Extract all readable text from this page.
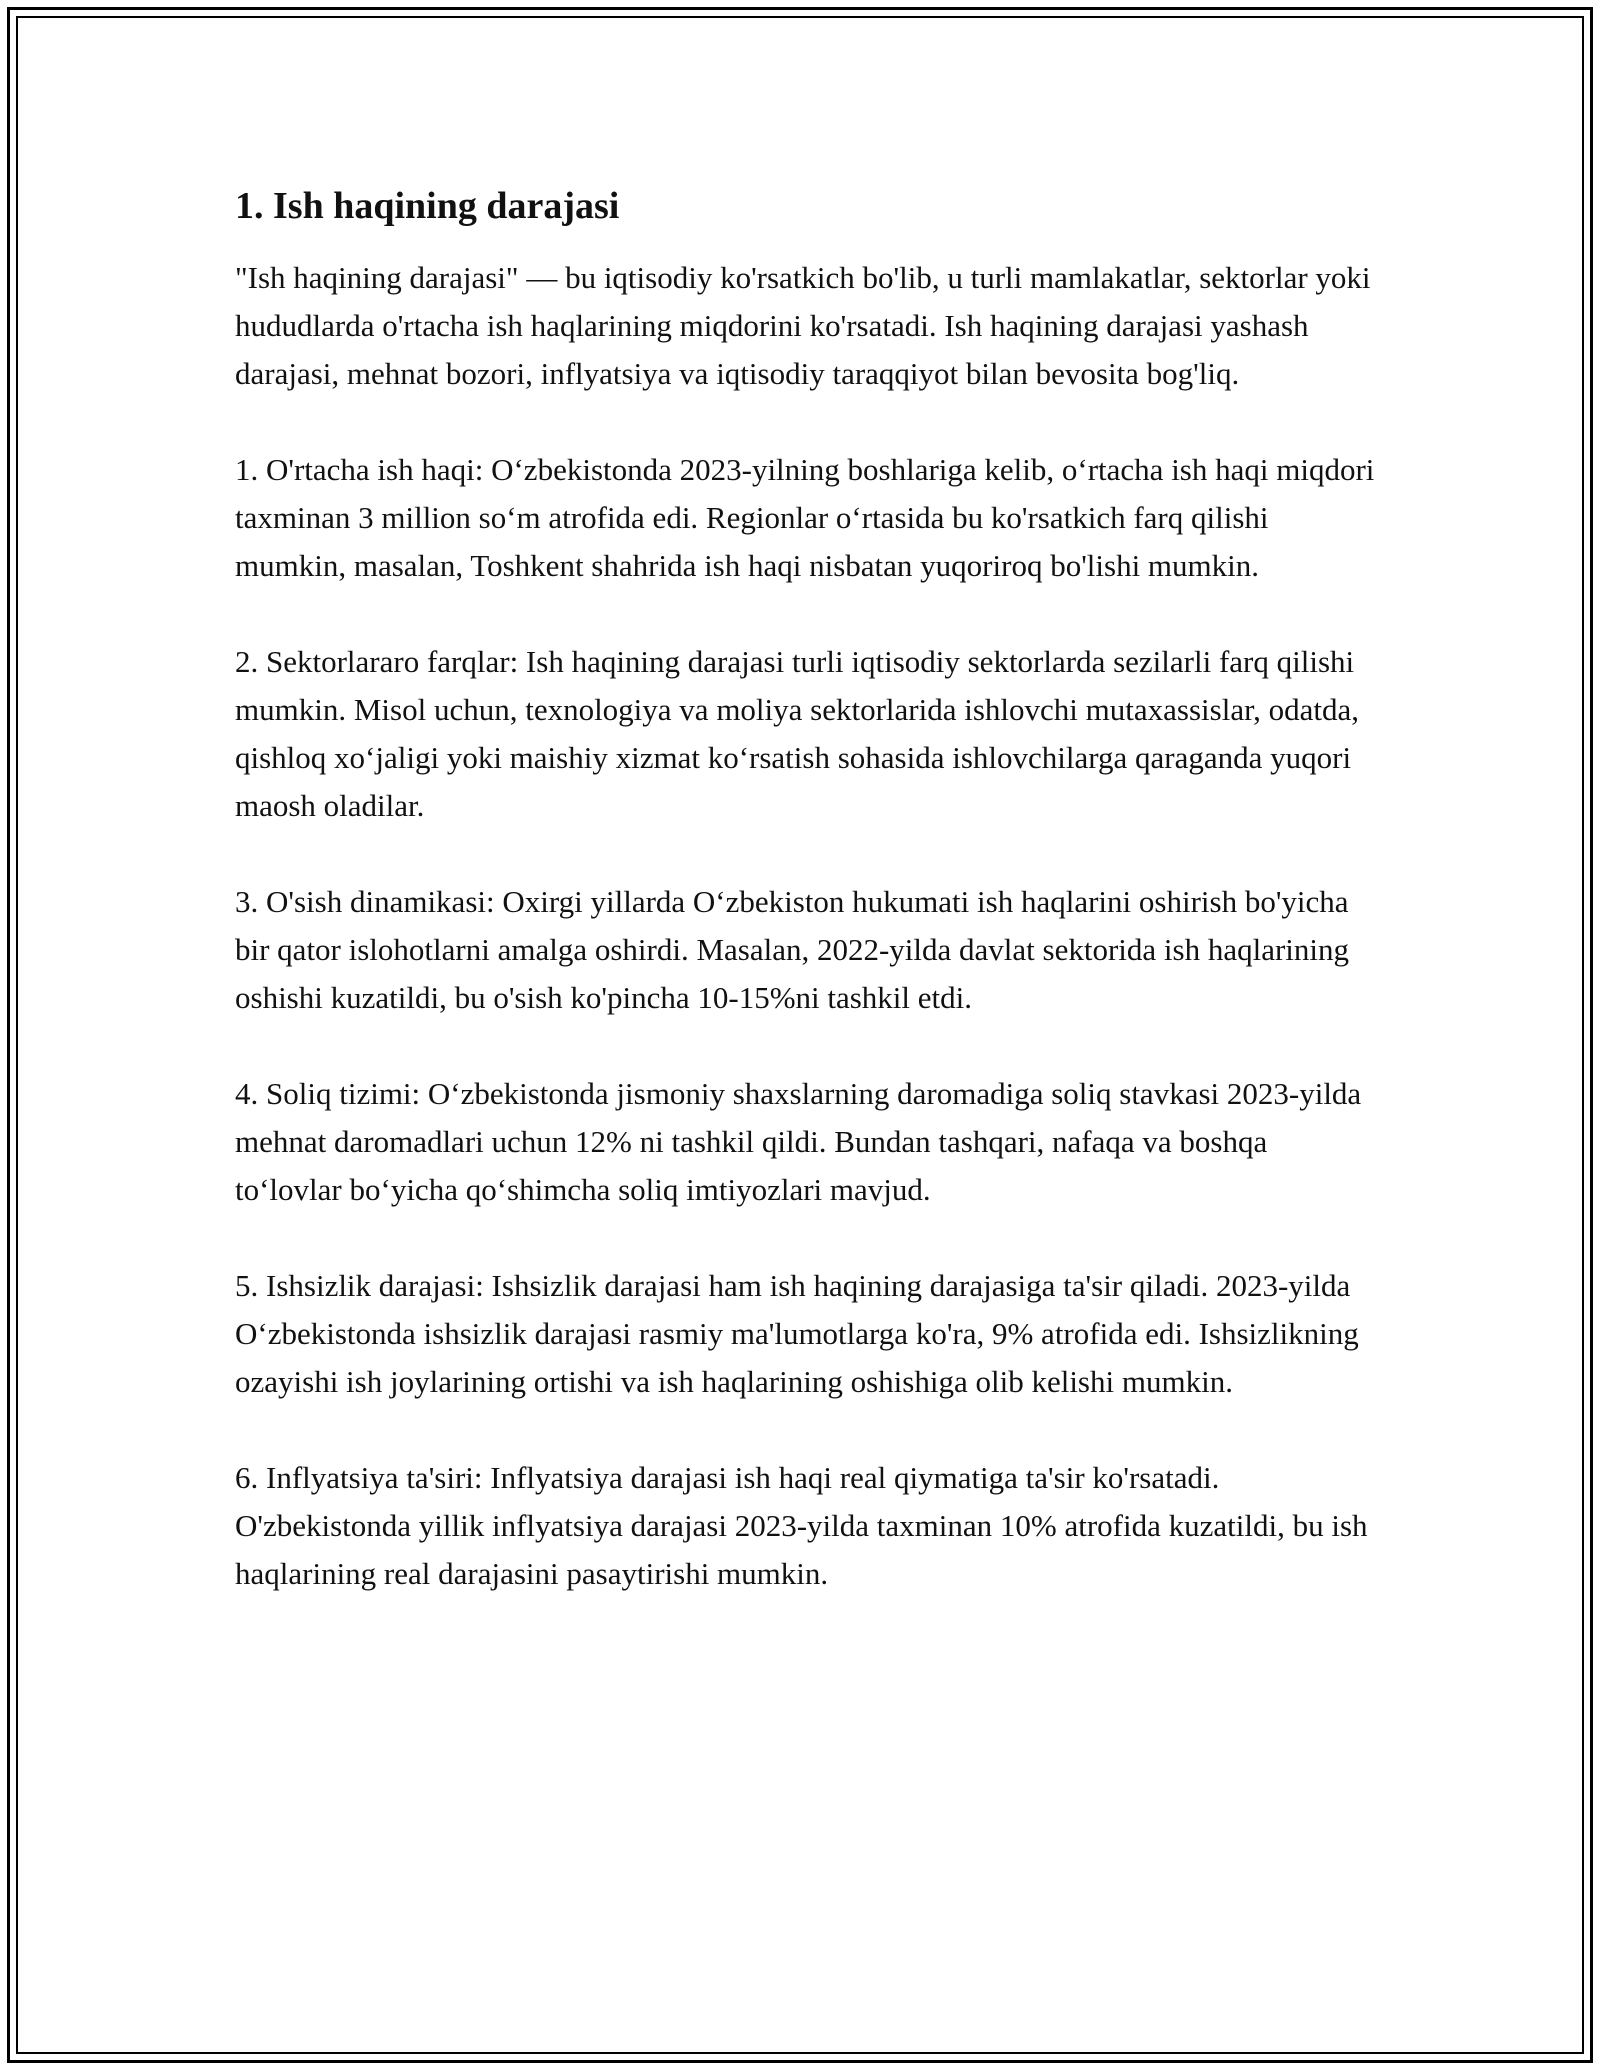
1. Ish haqining darajasi

"Ish haqining darajasi" — bu iqtisodiy ko'rsatkich bo'lib, u turli mamlakatlar, sektorlar yoki hududlarda o'rtacha ish haqlarining miqdorini ko'rsatadi. Ish haqining darajasi yashash darajasi, mehnat bozori, inflyatsiya va iqtisodiy taraqqiyot bilan bevosita bog'liq.

1. O'rtacha ish haqi: O‘zbekistonda 2023-yilning boshlariga kelib, o‘rtacha ish haqi miqdori taxminan 3 million so‘m atrofida edi. Regionlar o‘rtasida bu ko'rsatkich farq qilishi mumkin, masalan, Toshkent shahrida ish haqi nisbatan yuqoriroq bo'lishi mumkin.

2. Sektorlararo farqlar: Ish haqining darajasi turli iqtisodiy sektorlarda sezilarli farq qilishi mumkin. Misol uchun, texnologiya va moliya sektorlarida ishlovchi mutaxassislar, odatda, qishloq xo‘jaligi yoki maishiy xizmat ko‘rsatish sohasida ishlovchilarga qaraganda yuqori maosh oladilar.

3. O'sish dinamikasi: Oxirgi yillarda O‘zbekiston hukumati ish haqlarini oshirish bo'yicha bir qator islohotlarni amalga oshirdi. Masalan, 2022-yilda davlat sektorida ish haqlarining oshishi kuzatildi, bu o'sish ko'pincha 10-15%ni tashkil etdi.

4. Soliq tizimi: O‘zbekistonda jismoniy shaxslarning daromadiga soliq stavkasi 2023-yilda mehnat daromadlari uchun 12% ni tashkil qildi. Bundan tashqari, nafaqa va boshqa to‘lovlar bo‘yicha qo‘shimcha soliq imtiyozlari mavjud.

5. Ishsizlik darajasi: Ishsizlik darajasi ham ish haqining darajasiga ta'sir qiladi. 2023-yilda O‘zbekistonda ishsizlik darajasi rasmiy ma'lumotlarga ko'ra, 9% atrofida edi. Ishsizlikning ozayishi ish joylarining ortishi va ish haqlarining oshishiga olib kelishi mumkin.

6. Inflyatsiya ta'siri: Inflyatsiya darajasi ish haqi real qiymatiga ta'sir ko'rsatadi. O'zbekistonda yillik inflyatsiya darajasi 2023-yilda taxminan 10% atrofida kuzatildi, bu ish haqlarining real darajasini pasaytirishi mumkin.
